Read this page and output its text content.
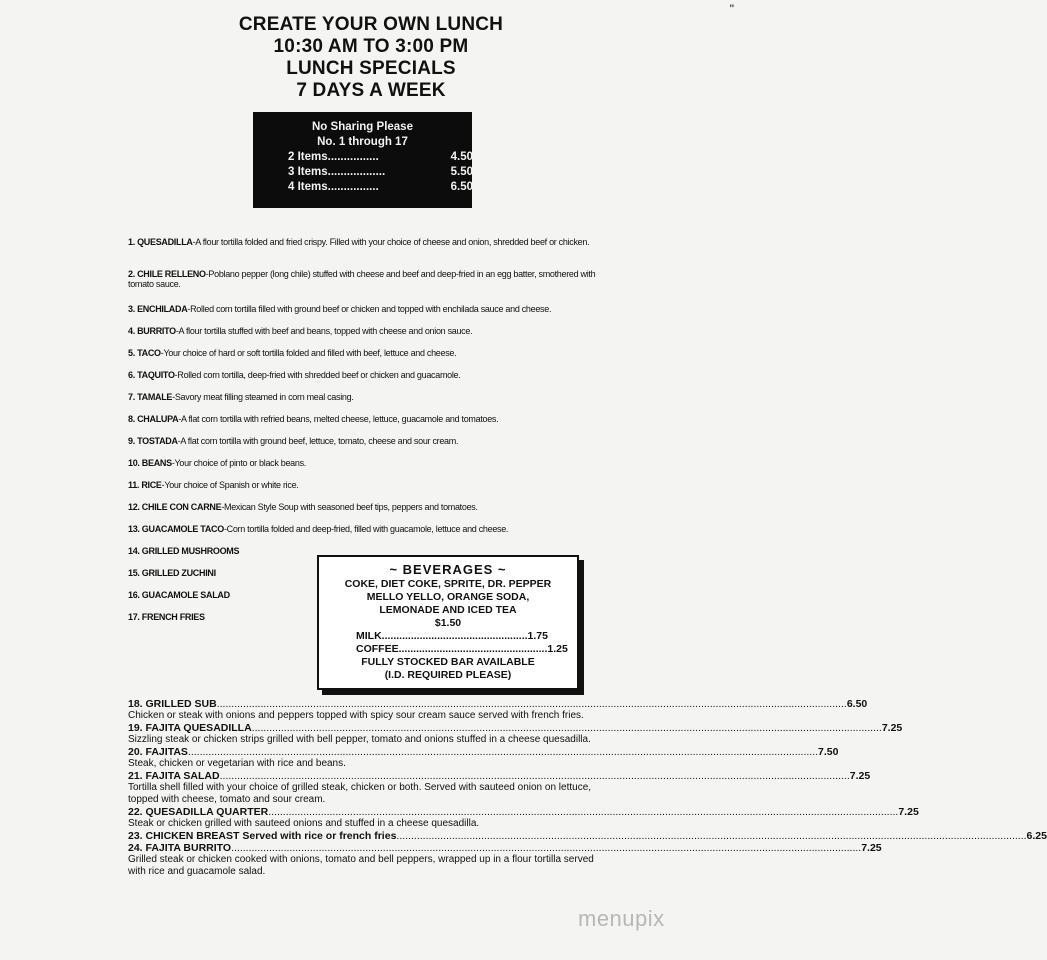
"
CREATE YOUR OWN LUNCH
10:30 AM TO 3:00 PM
LUNCH SPECIALS
7 DAYS A WEEK
No Sharing Please
No. 1 through 17
2 Items ................	4.50
3 Items ..................	5.50
4 Items ................	6.50
1. QUESADILLA-A flour tortilla folded and fried crispy. Filled with your choice of cheese and onion, shredded beef or chicken.
2. CHILE RELLENO-Poblano pepper (long chile) stuffed with cheese and beef and deep-fried in an egg batter, smothered with tomato sauce.
3. ENCHILADA-Rolled corn tortilla filled with ground beef or chicken and topped with enchilada sauce and cheese.
4. BURRITO-A flour tortilla stuffed with beef and beans, topped with cheese and onion sauce.
5. TACO-Your choice of hard or soft tortilla folded and filled with beef, lettuce and cheese.
6. TAQUITO-Rolled corn tortilla, deep-fried with shredded beef or chicken and guacamole.
7. TAMALE-Savory meat filling steamed in corn meal casing.
8. CHALUPA-A flat corn tortilla with refried beans, melted cheese, lettuce, guacamole and tomatoes.
9. TOSTADA-A flat corn tortilla with ground beef, lettuce, tomato, cheese and sour cream.
10. BEANS-Your choice of pinto or black beans.
11. RICE-Your choice of Spanish or white rice.
12. CHILE CON CARNE-Mexican Style Soup with seasoned beef tips, peppers and tomatoes.
13. GUACAMOLE TACO-Corn tortilla folded and deep-fried, filled with guacamole, lettuce and cheese.
14. GRILLED MUSHROOMS
15. GRILLED ZUCHINI
16. GUACAMOLE SALAD
17. FRENCH FRIES
~ BEVERAGES ~
COKE, DIET COKE, SPRITE, DR. PEPPER
MELLO YELLO, ORANGE SODA,
LEMONADE AND ICED TEA
$1.50
MILK .................................................. 1.75
COFFEE ................................................... 1.25
FULLY STOCKED BAR AVAILABLE
(I.D. REQUIRED PLEASE)
18. GRILLED SUB ........................................................................................................................................................................................................................ 6.50
Chicken or steak with onions and peppers topped with spicy sour cream sauce served with french fries.
19. FAJITA QUESADILLA ........................................................................................................................................................................................................................ 7.25
Sizzling steak or chicken strips grilled with bell pepper, tomato and onions stuffed in a cheese quesadilla.
20. FAJITAS ........................................................................................................................................................................................................................ 7.50
Steak, chicken or vegetarian with rice and beans.
21. FAJITA SALAD ........................................................................................................................................................................................................................ 7.25
Tortilla shell filled with your choice of grilled steak, chicken or both. Served with sauteed onion on lettuce, topped with cheese, tomato and sour cream.
22. QUESADILLA QUARTER ........................................................................................................................................................................................................................ 7.25
Steak or chicken grilled with sauteed onions and stuffed in a cheese quesadilla.
23. CHICKEN BREAST Served with rice or french fries ........................................................................................................................................................................................................................ 6.25
24. FAJITA BURRITO ........................................................................................................................................................................................................................ 7.25
Grilled steak or chicken cooked with onions, tomato and bell peppers, wrapped up in a flour tortilla served with rice and guacamole salad.
menupix
